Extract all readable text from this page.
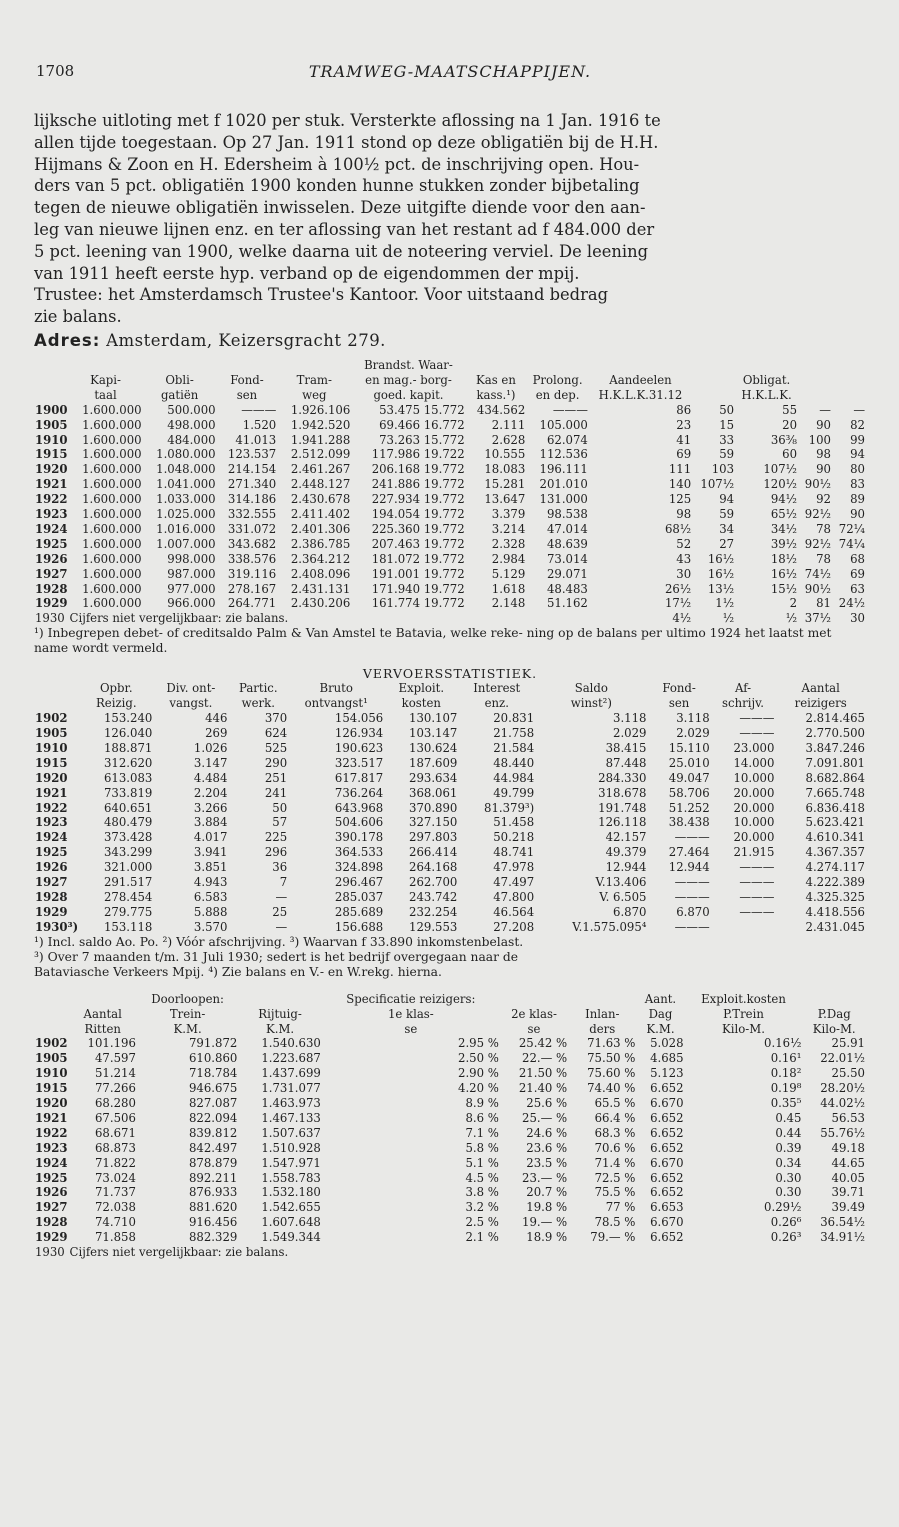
1708	TRAMWEG-MAATSCHAPPIJEN.
lijksche uitloting met f 1020 per stuk. Versterkte aflossing na 1 Jan. 1916 te
allen tijde toegestaan. Op 27 Jan. 1911 stond op deze obligatiën bij de H.H.
Hijmans & Zoon en H. Edersheim à 100½ pct. de inschrijving open. Hou-
ders van 5 pct. obligatiën 1900 konden hunne stukken zonder bijbetaling
tegen de nieuwe obligatiën inwisselen. Deze uitgifte diende voor den aan-
leg van nieuwe lijnen enz. en ter aflossing van het restant ad f 484.000 der
5 pct. leening van 1900, welke daarna uit de noteering verviel. De leening
van 1911 heeft eerste hyp. verband op de eigendommen der mpij.
Trustee: het Amsterdamsch Trustee's Kantoor. Voor uitstaand bedrag
zie balans.
Adres: Amsterdam, Keizersgracht 279.
					Brandst. Waar-							
	Kapi-	Obli-	Fond-	Tram-	en mag.- borg-	Kas en	Prolong.	Aandeelen		Obligat.		
	taal	gatiën	sen	weg	goed. kapit.	kass.¹)	en dep.	H.K.L.K.31.12		H.K.L.K.		
1900	1.600.000	500.000	———	1.926.106	53.475 15.772	434.562	———	86	50	55	—	—
1905	1.600.000	498.000	1.520	1.942.520	69.466 16.772	2.111	105.000	23	15	20	90	82
1910	1.600.000	484.000	41.013	1.941.288	73.263 15.772	2.628	62.074	41	33	36⅜	100	99
1915	1.600.000	1.080.000	123.537	2.512.099	117.986 19.722	10.555	112.536	69	59	60	98	94
1920	1.600.000	1.048.000	214.154	2.461.267	206.168 19.772	18.083	196.111	111	103	107½	90	80
1921	1.600.000	1.041.000	271.340	2.448.127	241.886 19.772	15.281	201.010	140	107½	120½	90½	83
1922	1.600.000	1.033.000	314.186	2.430.678	227.934 19.772	13.647	131.000	125	94	94½	92	89
1923	1.600.000	1.025.000	332.555	2.411.402	194.054 19.772	3.379	98.538	98	59	65½	92½	90
1924	1.600.000	1.016.000	331.072	2.401.306	225.360 19.772	3.214	47.014	68½	34	34½	78	72¼
1925	1.600.000	1.007.000	343.682	2.386.785	207.463 19.772	2.328	48.639	52	27	39½	92½	74¼
1926	1.600.000	998.000	338.576	2.364.212	181.072 19.772	2.984	73.014	43	16½	18½	78	68
1927	1.600.000	987.000	319.116	2.408.096	191.001 19.772	5.129	29.071	30	16½	16½	74½	69
1928	1.600.000	977.000	278.167	2.431.131	171.940 19.772	1.618	48.483	26½	13½	15½	90½	63
1929	1.600.000	966.000	264.771	2.430.206	161.774 19.772	2.148	51.162	17½	1½	2	81	24½
1930	Cijfers niet vergelijkbaar: zie balans.							4½	½	½	37½	30
¹) Inbegrepen debet- of creditsaldo Palm & Van Amstel te Batavia, welke reke- ning op de balans per ultimo 1924 het laatst met name wordt vermeld.
VERVOERSSTATISTIEK.
	Opbr.	Div. ont-	Partic.	Bruto	Exploit.	Interest	Saldo	Fond-	Af-	Aantal
	Reizig.	vangst.	werk.	ontvangst¹	kosten	enz.	winst²)	sen	schrijv.	reizigers
1902	153.240	446	370	154.056	130.107	20.831	3.118	3.118	———	2.814.465
1905	126.040	269	624	126.934	103.147	21.758	2.029	2.029	———	2.770.500
1910	188.871	1.026	525	190.623	130.624	21.584	38.415	15.110	23.000	3.847.246
1915	312.620	3.147	290	323.517	187.609	48.440	87.448	25.010	14.000	7.091.801
1920	613.083	4.484	251	617.817	293.634	44.984	284.330	49.047	10.000	8.682.864
1921	733.819	2.204	241	736.264	368.061	49.799	318.678	58.706	20.000	7.665.748
1922	640.651	3.266	50	643.968	370.890	81.379³)	191.748	51.252	20.000	6.836.418
1923	480.479	3.884	57	504.606	327.150	51.458	126.118	38.438	10.000	5.623.421
1924	373.428	4.017	225	390.178	297.803	50.218	42.157	———	20.000	4.610.341
1925	343.299	3.941	296	364.533	266.414	48.741	49.379	27.464	21.915	4.367.357
1926	321.000	3.851	36	324.898	264.168	47.978	12.944	12.944	———	4.274.117
1927	291.517	4.943	7	296.467	262.700	47.497	V.13.406	———	———	4.222.389
1928	278.454	6.583	—	285.037	243.742	47.800	V. 6.505	———	———	4.325.325
1929	279.775	5.888	25	285.689	232.254	46.564	6.870	6.870	———	4.418.556
1930³)	153.118	3.570	—	156.688	129.553	27.208	V.1.575.095⁴	———		2.431.045
¹) Incl. saldo Ao. Po. ²) Vóór afschrijving. ³) Waarvan f 33.890 inkomstenbelast.
³) Over 7 maanden t/m. 31 Juli 1930; sedert is het bedrijf overgegaan naar de
Bataviasche Verkeers Mpij. ⁴) Zie balans en V.- en W.rekg. hierna.
		Doorloopen:		Specificatie reizigers:			Aant.	Exploit.kosten	
	Aantal	Trein-	Rijtuig-	1e klas-	2e klas-	Inlan-	Dag	P.Trein	P.Dag
	Ritten	K.M.	K.M.	se	se	ders	K.M.	Kilo-M.	Kilo-M.
1902	101.196	791.872	1.540.630	2.95 %	25.42 %	71.63 %	5.028	0.16½	25.91
1905	47.597	610.860	1.223.687	2.50 %	22.— %	75.50 %	4.685	0.16¹	22.01½
1910	51.214	718.784	1.437.699	2.90 %	21.50 %	75.60 %	5.123	0.18²	25.50
1915	77.266	946.675	1.731.077	4.20 %	21.40 %	74.40 %	6.652	0.19⁸	28.20½
1920	68.280	827.087	1.463.973	8.9 %	25.6 %	65.5 %	6.670	0.35⁵	44.02½
1921	67.506	822.094	1.467.133	8.6 %	25.— %	66.4 %	6.652	0.45	56.53
1922	68.671	839.812	1.507.637	7.1 %	24.6 %	68.3 %	6.652	0.44	55.76½
1923	68.873	842.497	1.510.928	5.8 %	23.6 %	70.6 %	6.652	0.39	49.18
1924	71.822	878.879	1.547.971	5.1 %	23.5 %	71.4 %	6.670	0.34	44.65
1925	73.024	892.211	1.558.783	4.5 %	23.— %	72.5 %	6.652	0.30	40.05
1926	71.737	876.933	1.532.180	3.8 %	20.7 %	75.5 %	6.652	0.30	39.71
1927	72.038	881.620	1.542.655	3.2 %	19.8 %	77 %	6.653	0.29½	39.49
1928	74.710	916.456	1.607.648	2.5 %	19.— %	78.5 %	6.670	0.26⁶	36.54½
1929	71.858	882.329	1.549.344	2.1 %	18.9 %	79.— %	6.652	0.26³	34.91½
1930	Cijfers niet vergelijkbaar: zie balans.								
